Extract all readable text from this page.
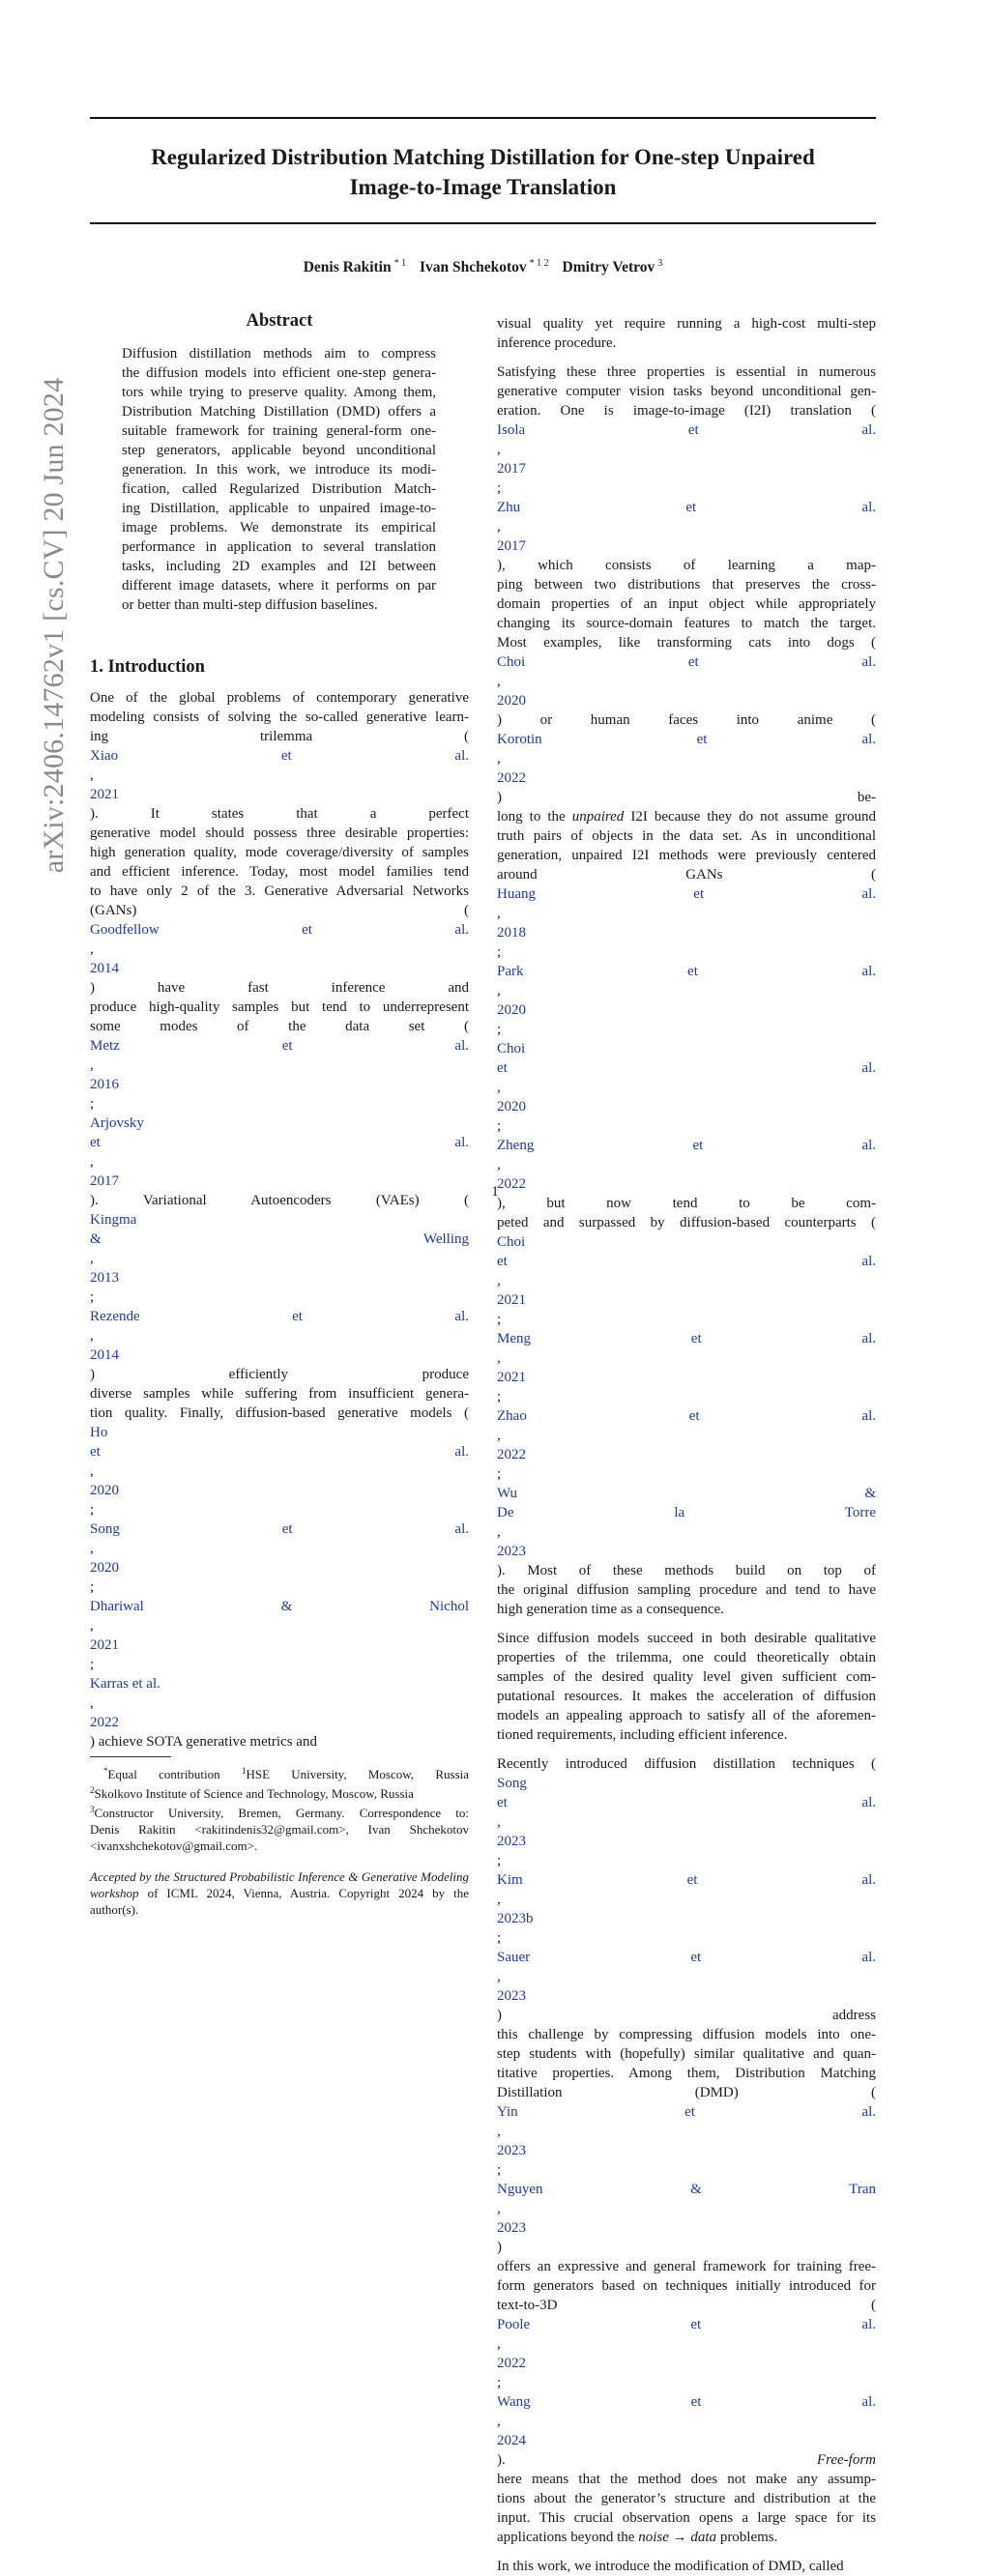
Regularized Distribution Matching Distillation for One-step Unpaired
Image-to-Image Translation
Denis Rakitin $^{* 1}$ Ivan Shchekotov $^{* 1 2}$ Dmitry Vetrov $^3$
arXiv:2406.14762v1 [cs.CV] 20 Jun 2024
Abstract
Diffusion distillation methods aim to compress
the diffusion models into efficient one-step genera-
tors while trying to preserve quality. Among them,
Distribution Matching Distillation (DMD) offers a
suitable framework for training general-form one-
step generators, applicable beyond unconditional
generation. In this work, we introduce its modi-
fication, called Regularized Distribution Match-
ing Distillation, applicable to unpaired image-to-
image problems. We demonstrate its empirical
performance in application to several translation
tasks, including 2D examples and I2I between
different image datasets, where it performs on par
or better than multi-step diffusion baselines.
1. Introduction

One of the global problems of contemporary generative
modeling consists of solving the so-called generative learn-
ing trilemma (
Xiao et al.
,
2021
). It states that a perfect
generative model should possess three desirable properties:
high generation quality, mode coverage/diversity of samples
and efficient inference. Today, most model families tend
to have only 2 of the 3. Generative Adversarial Networks
(GANs) (
Goodfellow et al.
,
2014
) have fast inference and
produce high-quality samples but tend to underrepresent
some modes of the data set (
Metz et al.
,
2016
;
Arjovsky
et al.
,
2017
). Variational Autoencoders (VAEs) (
Kingma
& Welling
,
2013
;
Rezende et al.
,
2014
) efficiently produce
diverse samples while suffering from insufficient genera-
tion quality. Finally, diffusion-based generative models (
Ho
et al.
,
2020
;
Song et al.
,
2020
;
Dhariwal & Nichol
,
2021
;
Karras et al.
,
2022
) achieve SOTA generative metrics and

*Equal contribution $^1$HSE University, Moscow, Russia
$^2$Skolkovo Institute of Science and Technology, Moscow, Russia
$^3$Constructor University, Bremen, Germany. Correspondence to:
Denis Rakitin <rakitindenis32@gmail.com>, Ivan Shchekotov
<ivanxshchekotov@gmail.com>.
Accepted by the Structured Probabilistic Inference & Generative Modeling workshop of ICML 2024, Vienna, Austria. Copyright 2024 by the author(s).

visual quality yet require running a high-cost multi-step
inference procedure.

Satisfying these three properties is essential in numerous
generative computer vision tasks beyond unconditional gen-
eration. One is image-to-image (I2I) translation (
Isola et al.
,
2017
;
Zhu et al.
,
2017
), which consists of learning a map-
ping between two distributions that preserves the cross-
domain properties of an input object while appropriately
changing its source-domain features to match the target.
Most examples, like transforming cats into dogs (
Choi et al.
,
2020
) or human faces into anime (
Korotin et al.
,
2022
) be-
long to the unpaired I2I because they do not assume ground
truth pairs of objects in the data set. As in unconditional
generation, unpaired I2I methods were previously centered
around GANs (
Huang et al.
,
2018
;
Park et al.
,
2020
;
Choi
et al.
,
2020
;
Zheng et al.
,
2022
), but now tend to be com-
peted and surpassed by diffusion-based counterparts (
Choi
et al.
,
2021
;
Meng et al.
,
2021
;
Zhao et al.
,
2022
;
Wu &
De la Torre
,
2023
). Most of these methods build on top of
the original diffusion sampling procedure and tend to have
high generation time as a consequence.

Since diffusion models succeed in both desirable qualitative
properties of the trilemma, one could theoretically obtain
samples of the desired quality level given sufficient com-
putational resources. It makes the acceleration of diffusion
models an appealing approach to satisfy all of the aforemen-
tioned requirements, including efficient inference.

Recently introduced diffusion distillation techniques (
Song
et al.
,
2023
;
Kim et al.
,
2023b
;
Sauer et al.
,
2023
) address
this challenge by compressing diffusion models into one-
step students with (hopefully) similar qualitative and quan-
titative properties. Among them, Distribution Matching
Distillation (DMD) (
Yin et al.
,
2023
;
Nguyen & Tran
,
2023
)
offers an expressive and general framework for training free-
form generators based on techniques initially introduced for
text-to-3D (
Poole et al.
,
2022
;
Wang et al.
,
2024
). Free-form
here means that the method does not make any assump-
tions about the generator’s structure and distribution at the
input. This crucial observation opens a large space for its
applications beyond the noise → data problems.

In this work, we introduce the modification of DMD, called

1
